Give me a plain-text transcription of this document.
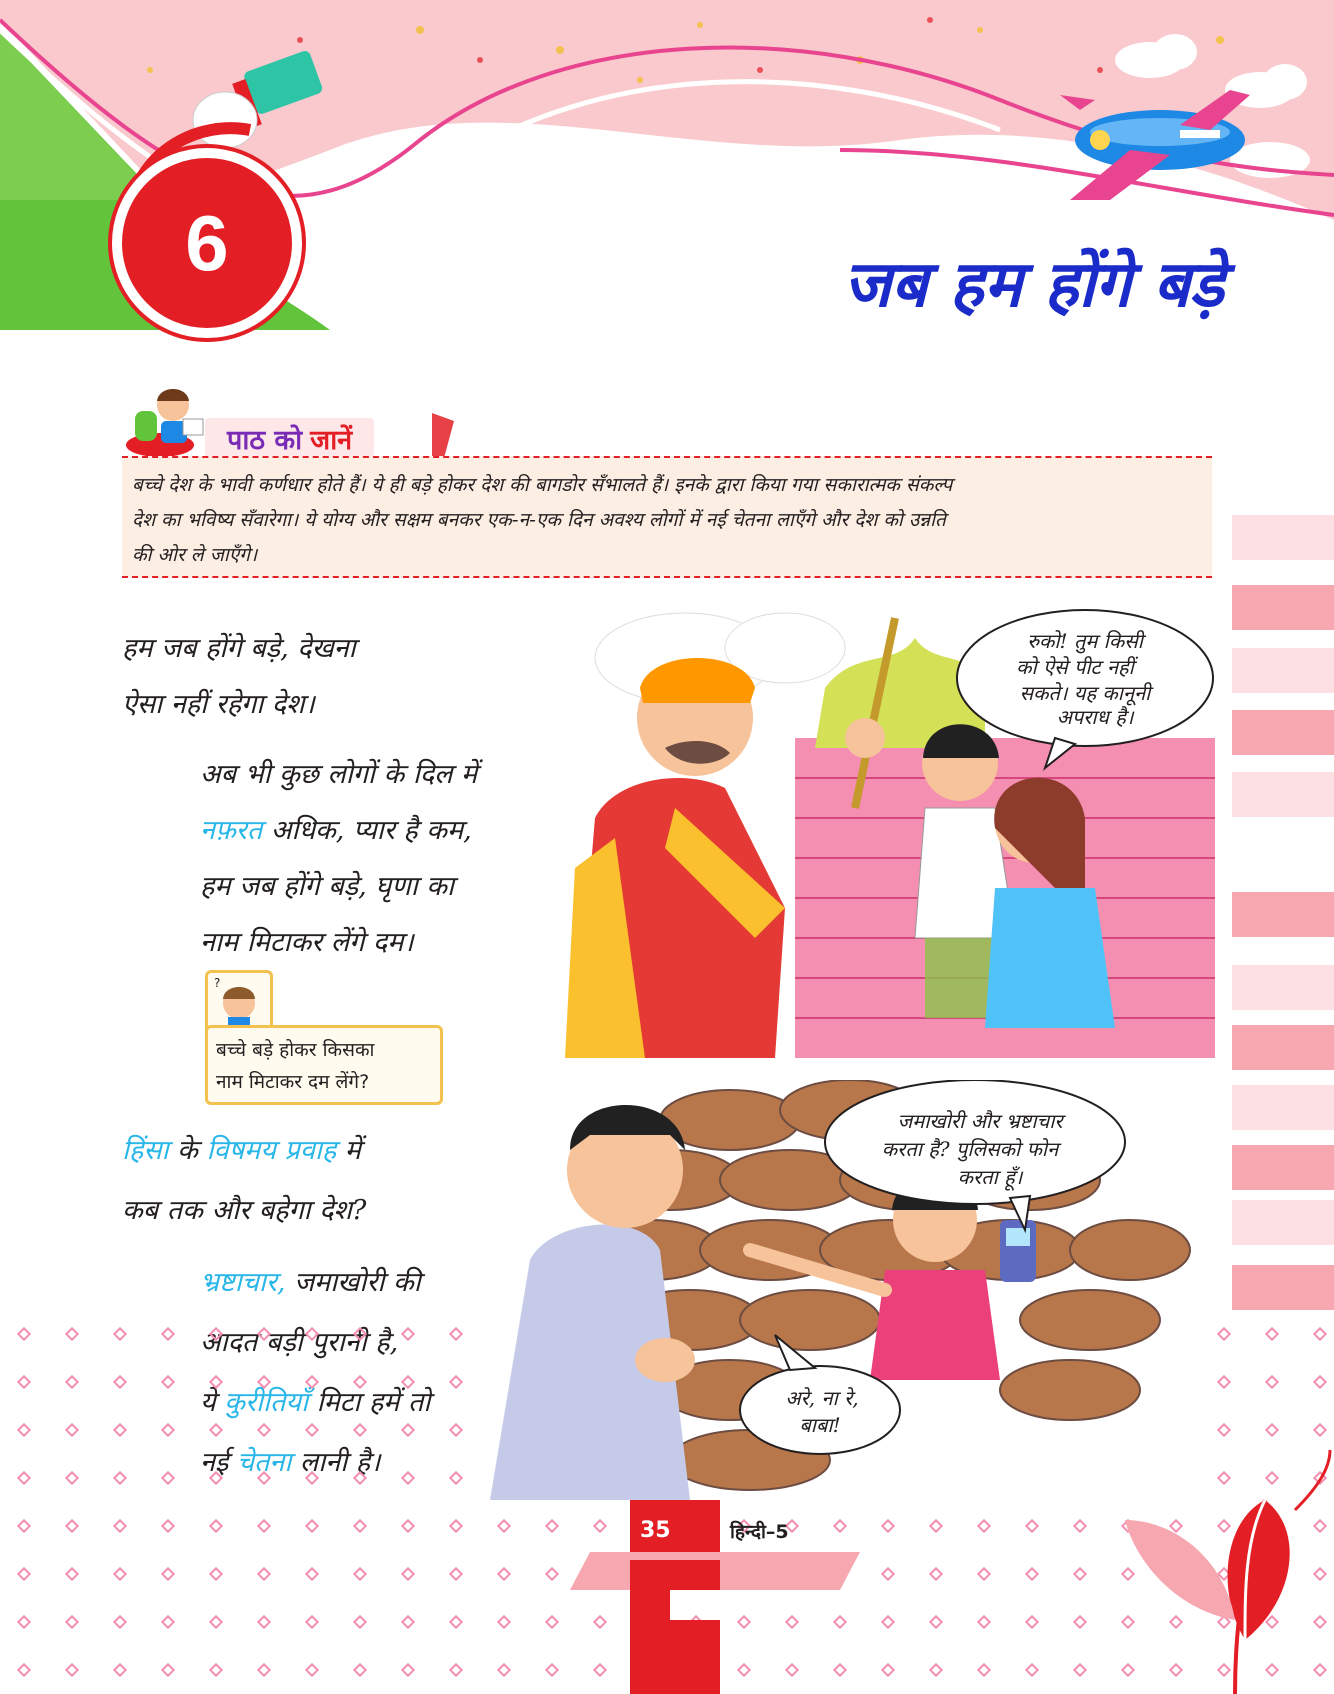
6	जब हम होंगे बड़े
पाठ को जानें
बच्चे देश के भावी कर्णधार होते हैं। ये ही बड़े होकर देश की बागडोर सँभालते हैं। इनके द्वारा किया गया सकारात्मक संकल्प
देश का भविष्य सँवारेगा। ये योग्य और सक्षम बनकर एक-न-एक दिन अवश्य लोगों में नई चेतना लाएँगे और देश को उन्नति
की ओर ले जाएँगे।
हम जब होंगे बड़े, देखना
ऐसा नहीं रहेगा देश।
अब भी कुछ लोगों के दिल में
नफ़रत अधिक, प्यार है कम,
हम जब होंगे बड़े, घृणा का
नाम मिटाकर लेंगे दम।
?
बच्चे बड़े होकर किसका
नाम मिटाकर दम लेंगे?
हिंसा के विषमय प्रवाह में
कब तक और बहेगा देश?
भ्रष्टाचार, जमाखोरी की
रुको! तुम किसी
को ऐसे पीट नहीं
सकते। यह कानूनी
अपराध है।
जमाखोरी और भ्रष्टाचार
करता है? पुलिसको फोन
करता हूँ।
अरे, ना रे,
बाबा!
35	हिन्दी–5
